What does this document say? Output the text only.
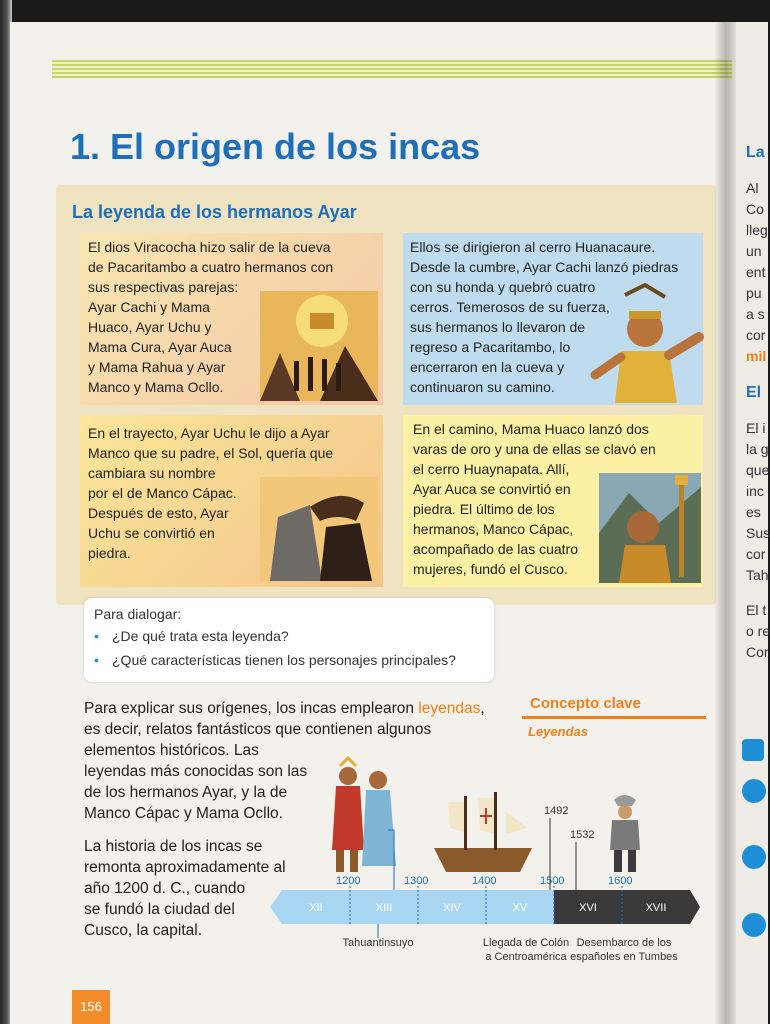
1. El origen de los incas
La leyenda de los hermanos Ayar

El dios Viracocha hizo salir de la cueva

de Pacaritambo a cuatro hermanos con

sus respectivas parejas:

Ayar Cachi y Mama

Huaco, Ayar Uchu y

Mama Cura, Ayar Auca

y Mama Rahua y Ayar

Manco y Mama Ocllo.

Ellos se dirigieron al cerro Huanacaure.

Desde la cumbre, Ayar Cachi lanzó piedras

con su honda y quebró cuatro

cerros. Temerosos de su fuerza,

sus hermanos lo llevaron de

regreso a Pacaritambo, lo

encerraron en la cueva y

continuaron su camino.

En el trayecto, Ayar Uchu le dijo a Ayar

Manco que su padre, el Sol, quería que

cambiara su nombre

por el de Manco Cápac.

Después de esto, Ayar

Uchu se convirtió en

piedra.

En el camino, Mama Huaco lanzó dos

varas de oro y una de ellas se clavó en

el cerro Huaynapata. Allí,

Ayar Auca se convirtió en

piedra. El último de los

hermanos, Manco Cápac,

acompañado de las cuatro

mujeres, fundó el Cusco.

Para dialogar:
• ¿De qué trata esta leyenda?
• ¿Qué características tienen los personajes principales?
Para explicar sus orígenes, los incas emplearon leyendas,
es decir, relatos fantásticos que contienen algunos
elementos históricos. Las
leyendas más conocidas son las
de los hermanos Ayar, y la de
Manco Cápac y Mama Ocllo.
La historia de los incas se
remonta aproximadamente al
año 1200 d. C., cuando
se fundó la ciudad del
Cusco, la capital.
Concepto clave
Leyendas
XII	XIII	XIV	XV	XVI	XVII
1200	1300	1400	1500	1600
1492
1532
Tahuantinsuyo	Llegada de Colón
a Centroamérica
Desembarco de los
españoles en Tumbes
156
La
Al
Co
lleg
un
ent
pu
a s
cor
mil
El
El i
la g
que
inc
es
Sus
cor
Tah
El t
o re
Cor
